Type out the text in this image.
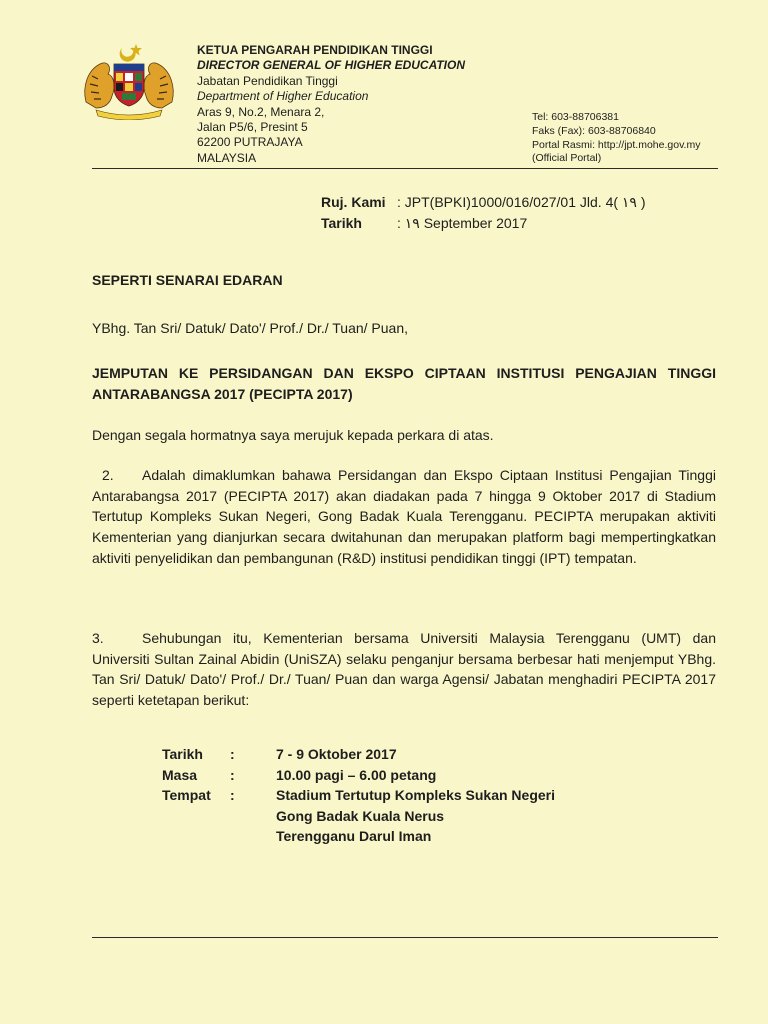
KETUA PENGARAH PENDIDIKAN TINGGI
DIRECTOR GENERAL OF HIGHER EDUCATION
Jabatan Pendidikan Tinggi
Department of Higher Education
Aras 9, No.2, Menara 2,
Jalan P5/6, Presint 5
62200 PUTRAJAYA
MALAYSIA
Tel: 603-88706381
Faks (Fax): 603-88706840
Portal Rasmi: http://jpt.mohe.gov.my
(Official Portal)
Ruj. Kami	: JPT(BPKI)1000/016/027/01 Jld. 4( ١٩ )
Tarikh	: ١٩ September 2017
SEPERTI SENARAI EDARAN
YBhg. Tan Sri/ Datuk/ Dato'/ Prof./ Dr./ Tuan/ Puan,
JEMPUTAN KE PERSIDANGAN DAN EKSPO CIPTAAN INSTITUSI PENGAJIAN TINGGI ANTARABANGSA 2017 (PECIPTA 2017)
Dengan segala hormatnya saya merujuk kepada perkara di atas.
2. Adalah dimaklumkan bahawa Persidangan dan Ekspo Ciptaan Institusi Pengajian Tinggi Antarabangsa 2017 (PECIPTA 2017) akan diadakan pada 7 hingga 9 Oktober 2017 di Stadium Tertutup Kompleks Sukan Negeri, Gong Badak Kuala Terengganu. PECIPTA merupakan aktiviti Kementerian yang dianjurkan secara dwitahunan dan merupakan platform bagi mempertingkatkan aktiviti penyelidikan dan pembangunan (R&D) institusi pendidikan tinggi (IPT) tempatan.
3.	Sehubungan itu, Kementerian bersama Universiti Malaysia Terengganu (UMT) dan Universiti Sultan Zainal Abidin (UniSZA) selaku penganjur bersama berbesar hati menjemput YBhg. Tan Sri/ Datuk/ Dato'/ Prof./ Dr./ Tuan/ Puan dan warga Agensi/ Jabatan menghadiri PECIPTA 2017 seperti ketetapan berikut:
Tarikh	:	7 - 9 Oktober 2017
Masa	:	10.00 pagi – 6.00 petang
Tempat	:	Stadium Tertutup Kompleks Sukan Negeri
Gong Badak Kuala Nerus
Terengganu Darul Iman
